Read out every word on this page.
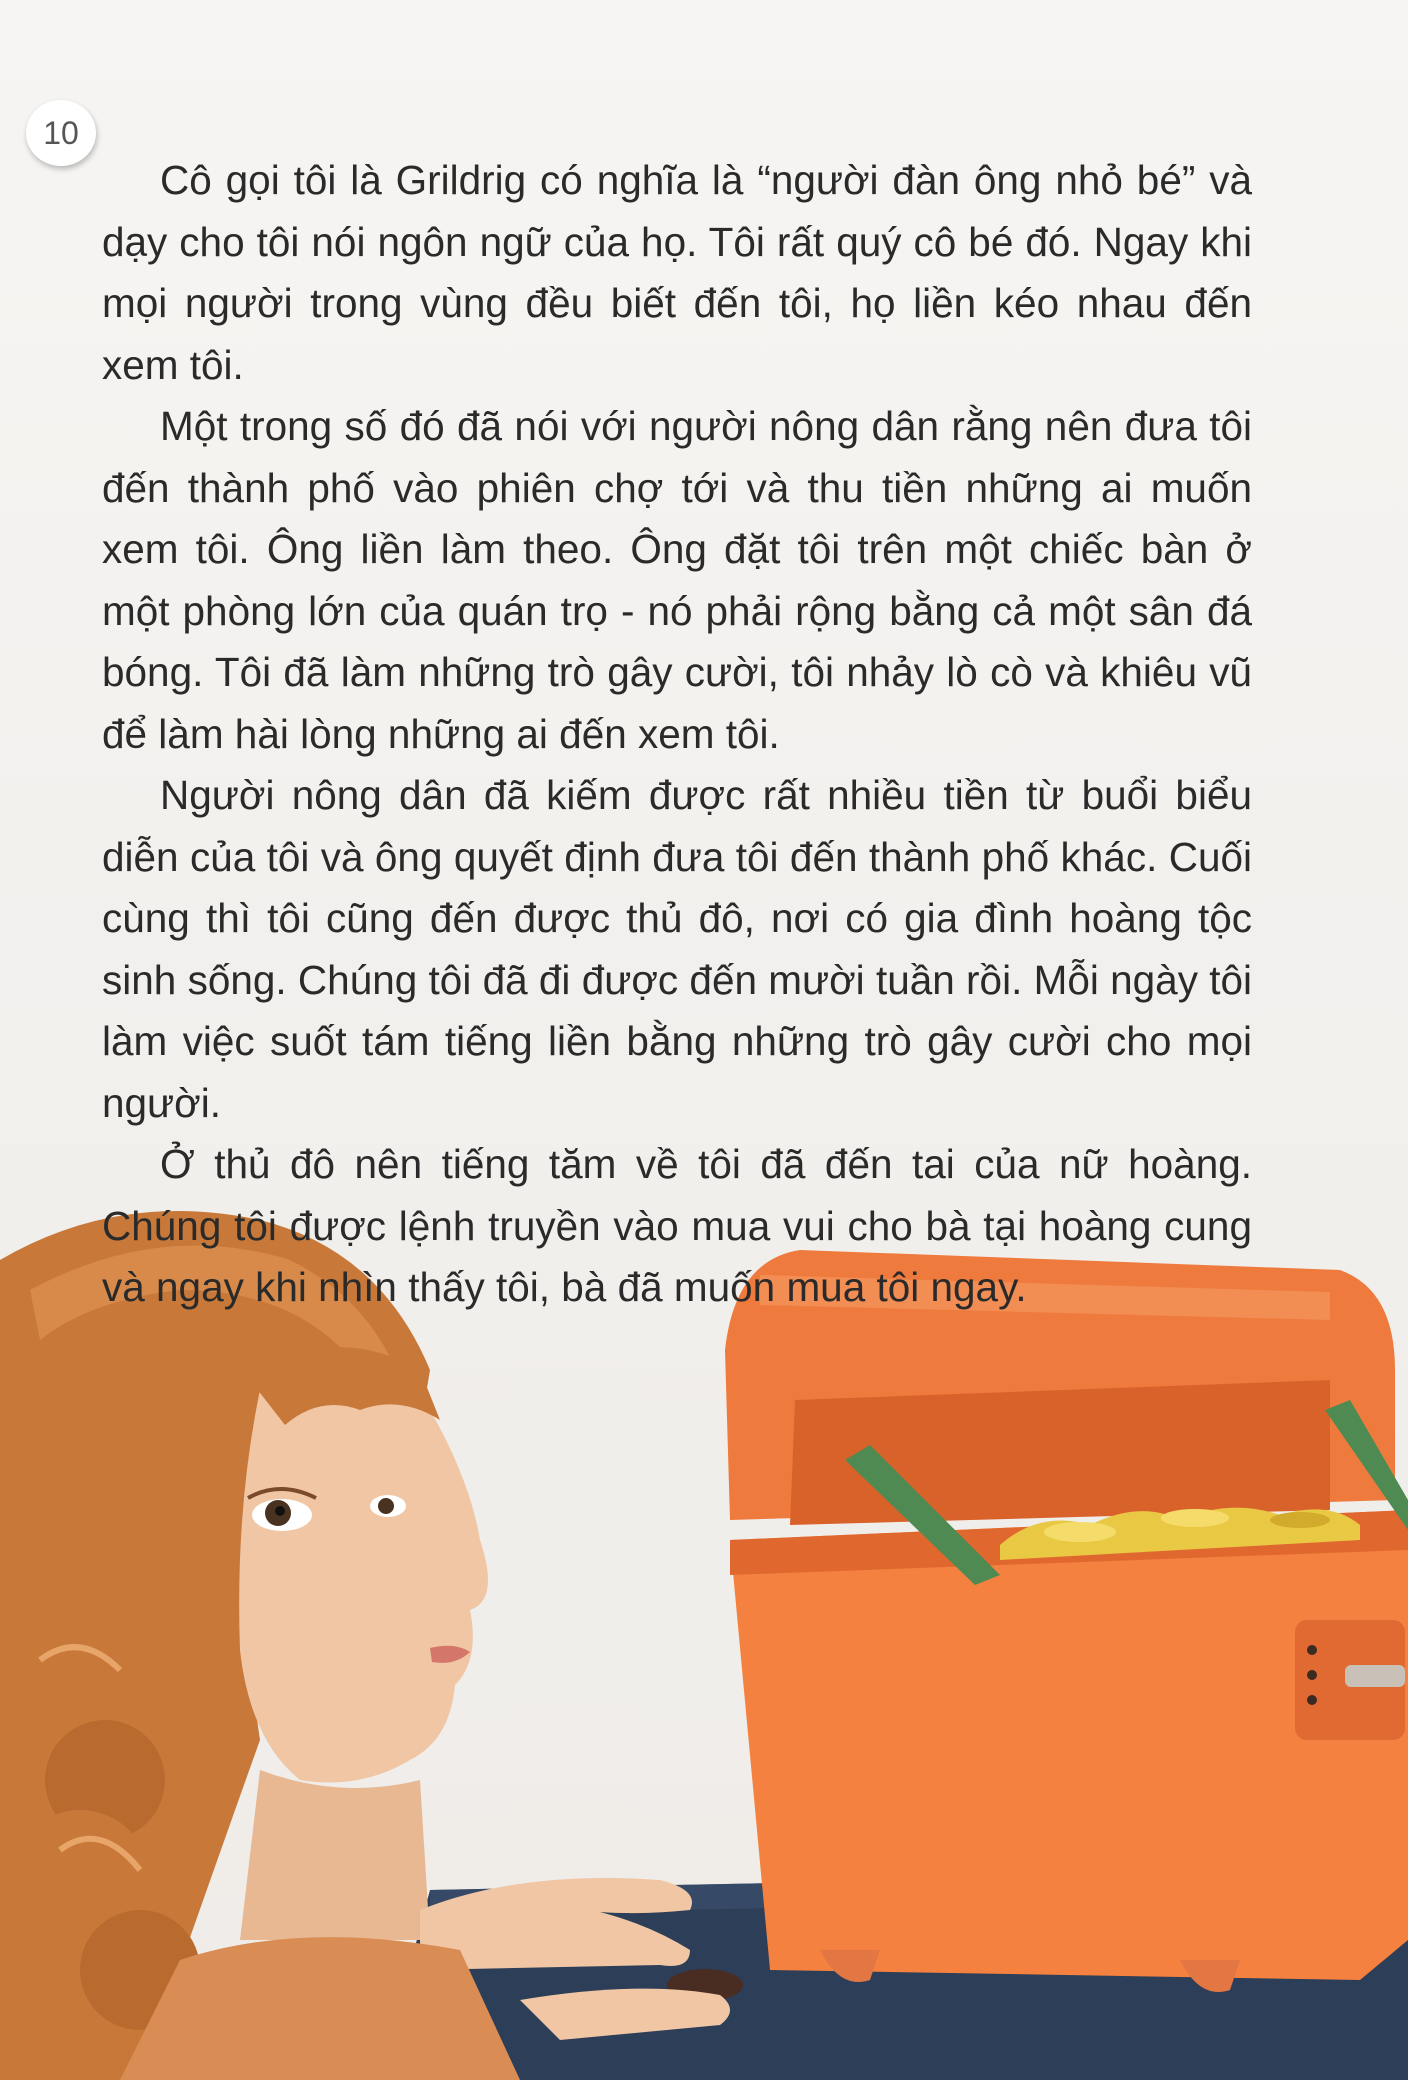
10

Cô gọi tôi là Grildrig có nghĩa là “người đàn ông nhỏ bé” và dạy cho tôi nói ngôn ngữ của họ. Tôi rất quý cô bé đó. Ngay khi mọi người trong vùng đều biết đến tôi, họ liền kéo nhau đến xem tôi.

Một trong số đó đã nói với người nông dân rằng nên đưa tôi đến thành phố vào phiên chợ tới và thu tiền những ai muốn xem tôi. Ông liền làm theo. Ông đặt tôi trên một chiếc bàn ở một phòng lớn của quán trọ - nó phải rộng bằng cả một sân đá bóng. Tôi đã làm những trò gây cười, tôi nhảy lò cò và khiêu vũ để làm hài lòng những ai đến xem tôi.

Người nông dân đã kiếm được rất nhiều tiền từ buổi biểu diễn của tôi và ông quyết định đưa tôi đến thành phố khác. Cuối cùng thì tôi cũng đến được thủ đô, nơi có gia đình hoàng tộc sinh sống. Chúng tôi đã đi được đến mười tuần rồi. Mỗi ngày tôi làm việc suốt tám tiếng liền bằng những trò gây cười cho mọi người.

Ở thủ đô nên tiếng tăm về tôi đã đến tai của nữ hoàng. Chúng tôi được lệnh truyền vào mua vui cho bà tại hoàng cung và ngay khi nhìn thấy tôi, bà đã muốn mua tôi ngay.
